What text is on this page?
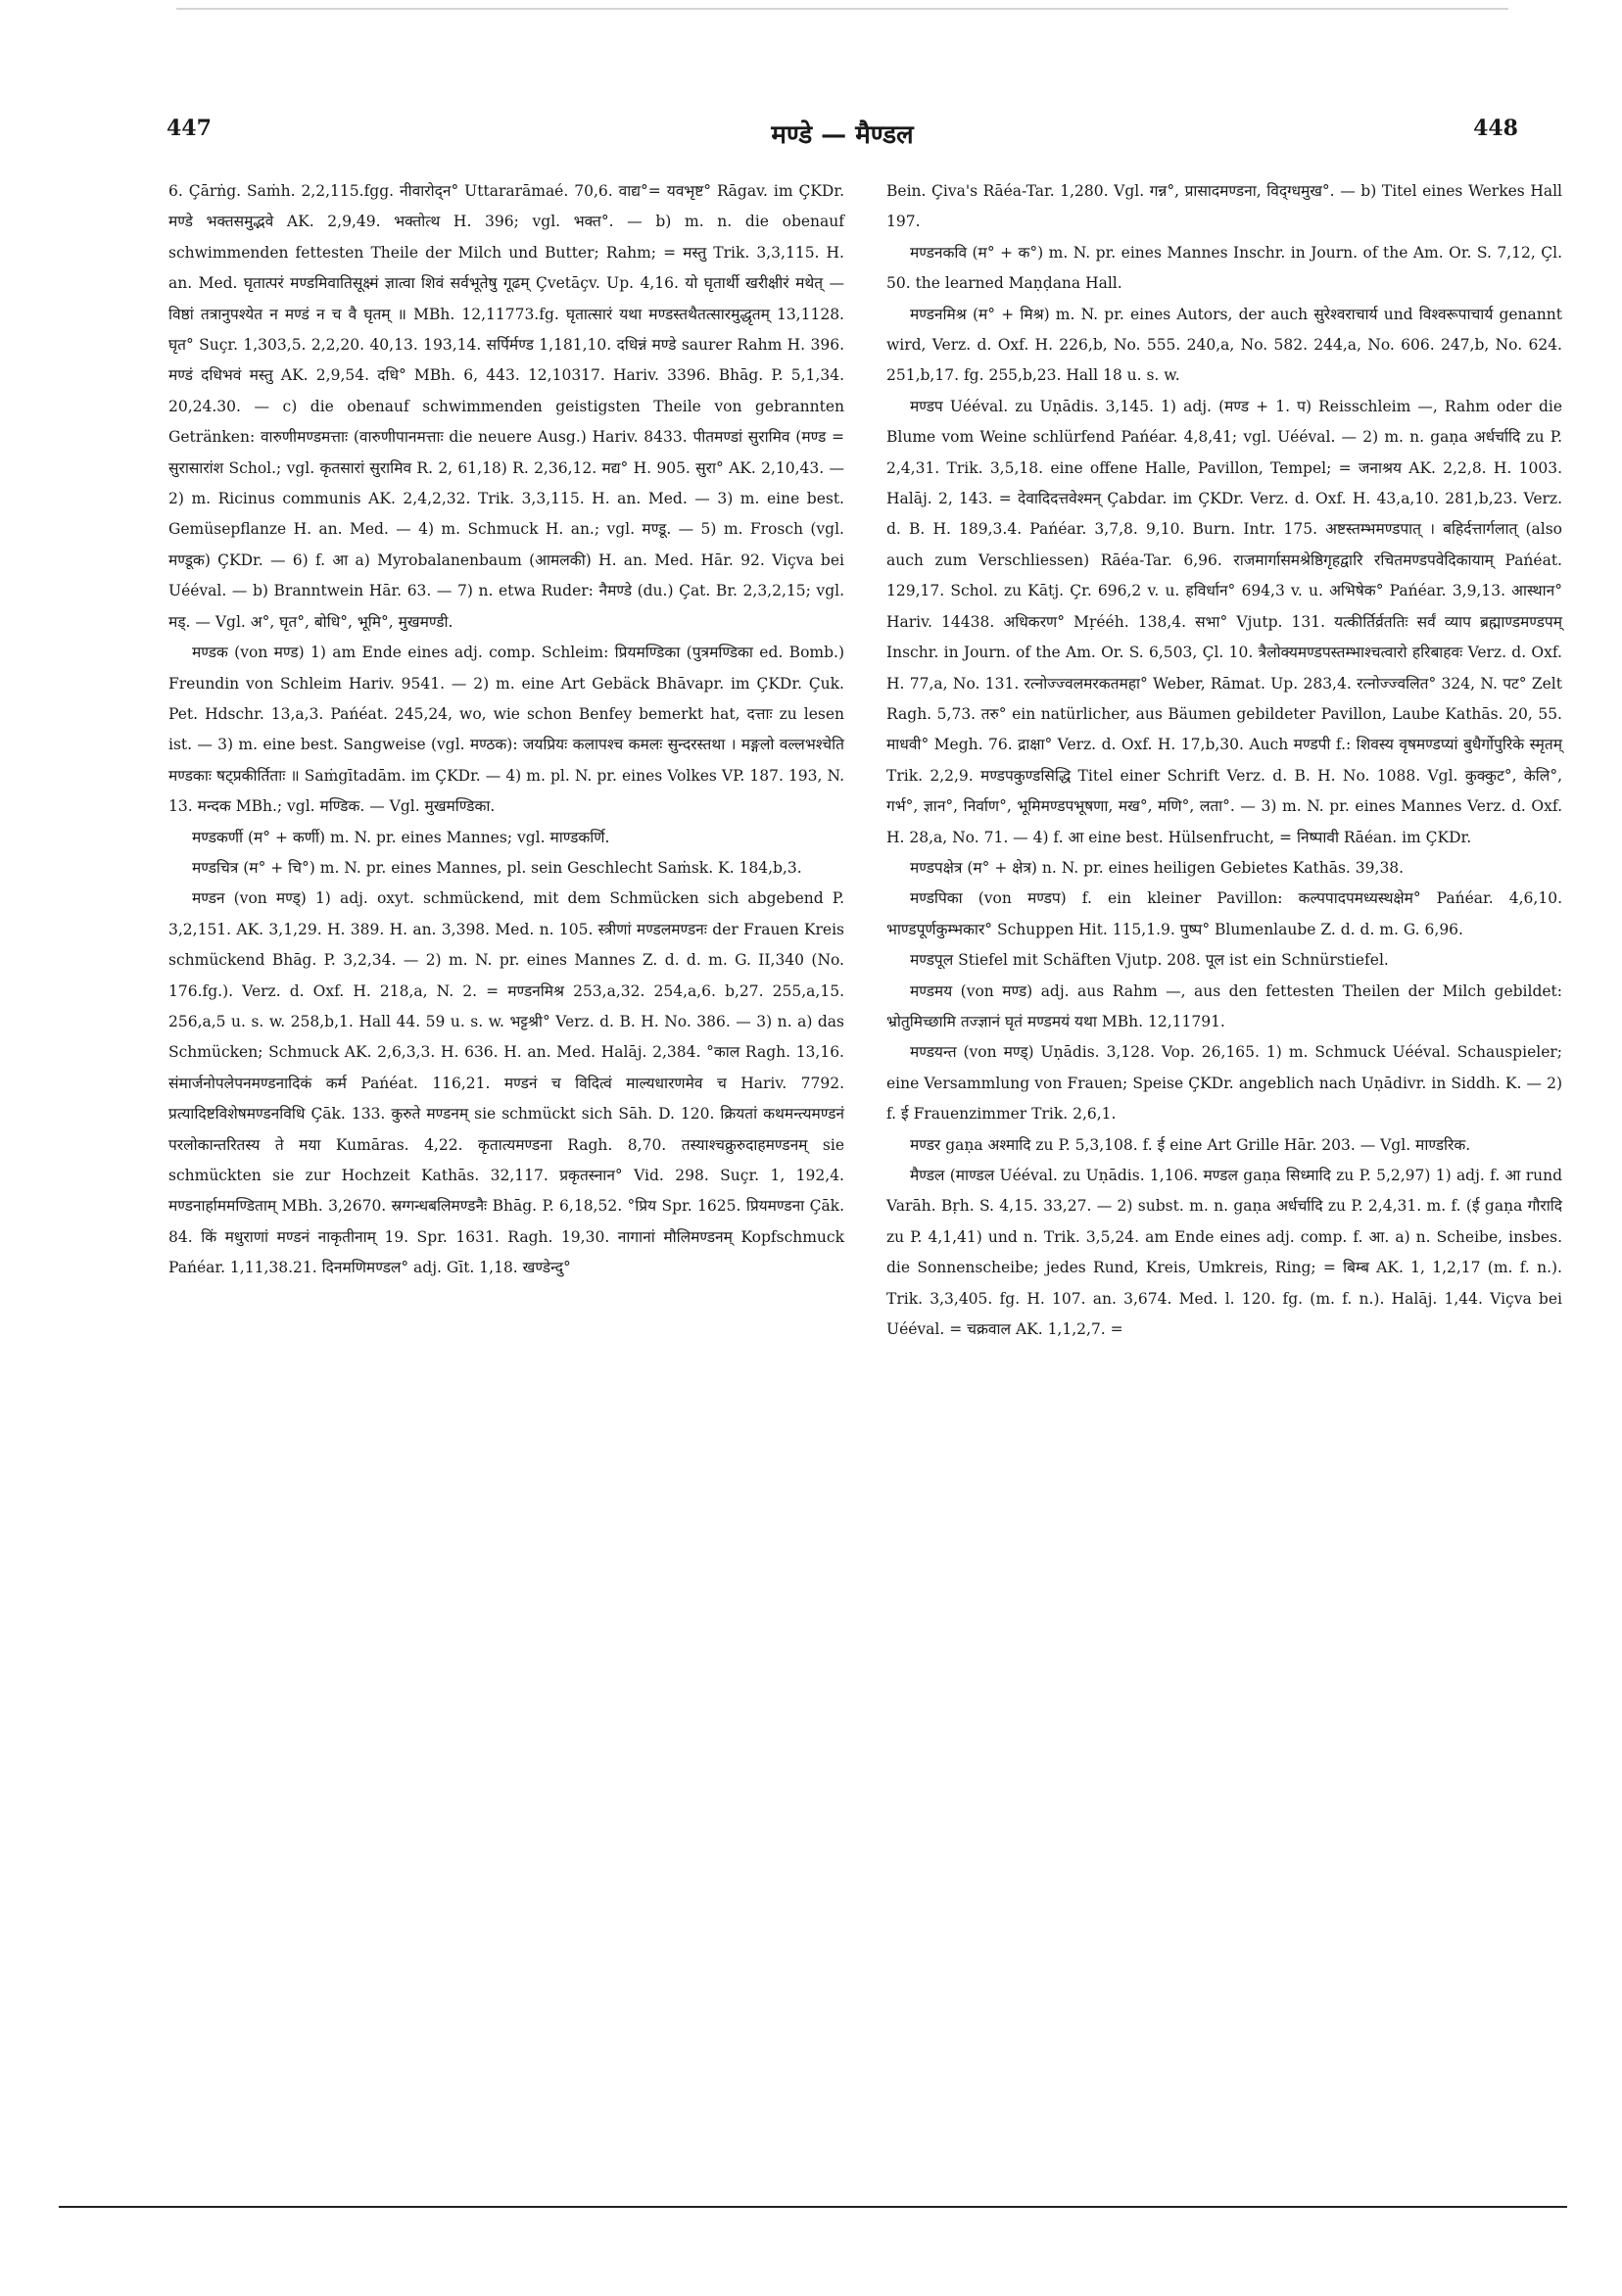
447	मण्डे — मैण्डल	448

6. Çārṅg. Saṁh. 2,2,115.fgg. नीवारोद्न° Uttararāmaé. 70,6. वाद्य°= यवभृष्ट° Rāgav. im ÇKDr. मण्डे भक्तसमुद्भवे AK. 2,9,49. भक्तोत्थ H. 396; vgl. भक्त°. — b) m. n. die obenauf schwimmenden fettesten Theile der Milch und Butter; Rahm; = मस्तु Trik. 3,3,115. H. an. Med. घृतात्परं मण्डमिवातिसूक्ष्मं ज्ञात्वा शिवं सर्वभूतेषु गूढम् Çvetāçv. Up. 4,16. यो घृतार्थी खरीक्षीरं मथेत् — विष्ठां तत्रानुपश्येत न मण्डं न च वै घृतम् ॥ MBh. 12,11773.fg. घृतात्सारं यथा मण्डस्तथैतत्सारमुद्धृतम् 13,1128. घृत° Suçr. 1,303,5. 2,2,20. 40,13. 193,14. सर्पिर्मण्ड 1,181,10. दधिन्नं मण्डे saurer Rahm H. 396. मण्डं दधिभवं मस्तु AK. 2,9,54. दधि° MBh. 6, 443. 12,10317. Hariv. 3396. Bhāg. P. 5,1,34. 20,24.30. — c) die obenauf schwimmenden geistigsten Theile von gebrannten Getränken: वारुणीमण्डमत्ताः (वारुणीपानमत्ताः die neuere Ausg.) Hariv. 8433. पीतमण्डां सुरामिव (मण्ड = सुरासारांश Schol.; vgl. कृतसारां सुरामिव R. 2, 61,18) R. 2,36,12. मद्य° H. 905. सुरा° AK. 2,10,43. — 2) m. Ricinus communis AK. 2,4,2,32. Trik. 3,3,115. H. an. Med. — 3) m. eine best. Gemüsepflanze H. an. Med. — 4) m. Schmuck H. an.; vgl. मण्डू. — 5) m. Frosch (vgl. मण्डूक) ÇKDr. — 6) f. आ a) Myrobalanenbaum (आमलकी) H. an. Med. Hār. 92. Viçva bei Uééval. — b) Branntwein Hār. 63. — 7) n. etwa Ruder: नैमण्डे (du.) Çat. Br. 2,3,2,15; vgl. मड्. — Vgl. अ°, घृत°, बोधि°, भूमि°, मुखमण्डी.

मण्डक (von मण्ड) 1) am Ende eines adj. comp. Schleim: प्रियमण्डिका (पुत्रमण्डिका ed. Bomb.) Freundin von Schleim Hariv. 9541. — 2) m. eine Art Gebäck Bhāvapr. im ÇKDr. Çuk. Pet. Hdschr. 13,a,3. Pańéat. 245,24, wo, wie schon Benfey bemerkt hat, दत्ताः zu lesen ist. — 3) m. eine best. Sangweise (vgl. मण्ठक): जयप्रियः कलापश्च कमलः सुन्दरस्तथा । मङ्गलो वल्लभश्चेति मण्डकाः षट्प्रकीर्तिताः ॥ Saṁgītadām. im ÇKDr. — 4) m. pl. N. pr. eines Volkes VP. 187. 193, N. 13. मन्दक MBh.; vgl. मण्डिक. — Vgl. मुखमण्डिका.

मण्डकर्णी (म° + कर्णी) m. N. pr. eines Mannes; vgl. माण्डकर्णि.

मण्डचित्र (म° + चि°) m. N. pr. eines Mannes, pl. sein Geschlecht Saṁsk. K. 184,b,3.

मण्डन (von मण्ड्) 1) adj. oxyt. schmückend, mit dem Schmücken sich abgebend P. 3,2,151. AK. 3,1,29. H. 389. H. an. 3,398. Med. n. 105. स्त्रीणां मण्डलमण्डनः der Frauen Kreis schmückend Bhāg. P. 3,2,34. — 2) m. N. pr. eines Mannes Z. d. d. m. G. II,340 (No. 176.fg.). Verz. d. Oxf. H. 218,a, N. 2. = मण्डनमिश्र 253,a,32. 254,a,6. b,27. 255,a,15. 256,a,5 u. s. w. 258,b,1. Hall 44. 59 u. s. w. भट्टश्री° Verz. d. B. H. No. 386. — 3) n. a) das Schmücken; Schmuck AK. 2,6,3,3. H. 636. H. an. Med. Halāj. 2,384. °काल Ragh. 13,16. संमार्जनोपलेपनमण्डनादिकं कर्म Pańéat. 116,21. मण्डनं च विदित्वं माल्यधारणमेव च Hariv. 7792. प्रत्यादिष्टविशेषमण्डनविधि Çāk. 133. कुरुते मण्डनम् sie schmückt sich Sāh. D. 120. क्रियतां कथमन्त्यमण्डनं परलोकान्तरितस्य ते मया Kumāras. 4,22. कृतात्यमण्डना Ragh. 8,70. तस्याश्चक्रुरुदाहमण्डनम् sie schmückten sie zur Hochzeit Kathās. 32,117. प्रकृतस्नान° Vid. 298. Suçr. 1, 192,4. मण्डनार्हाममण्डिताम् MBh. 3,2670. स्रग्गन्धबलिमण्डनैः Bhāg. P. 6,18,52. °प्रिय Spr. 1625. प्रियमण्डना Çāk. 84. किं मधुराणां मण्डनं नाकृतीनाम् 19. Spr. 1631. Ragh. 19,30. नागानां मौलिमण्डनम् Kopfschmuck Pańéar. 1,11,38.21. दिनमणिमण्डल° adj. Gīt. 1,18. खण्डेन्दु°

Bein. Çiva's Rāéa-Tar. 1,280. Vgl. गन्न°, प्रासादमण्डना, विद्ग्धमुख°. — b) Titel eines Werkes Hall 197.

मण्डनकवि (म° + क°) m. N. pr. eines Mannes Inschr. in Journ. of the Am. Or. S. 7,12, Çl. 50. the learned Maṇḍana Hall.

मण्डनमिश्र (म° + मिश्र) m. N. pr. eines Autors, der auch सुरेश्वराचार्य und विश्वरूपाचार्य genannt wird, Verz. d. Oxf. H. 226,b, No. 555. 240,a, No. 582. 244,a, No. 606. 247,b, No. 624. 251,b,17. fg. 255,b,23. Hall 18 u. s. w.

मण्डप Uééval. zu Uṇādis. 3,145. 1) adj. (मण्ड + 1. प) Reisschleim —, Rahm oder die Blume vom Weine schlürfend Pańéar. 4,8,41; vgl. Uééval. — 2) m. n. gaṇa अर्धर्चादि zu P. 2,4,31. Trik. 3,5,18. eine offene Halle, Pavillon, Tempel; = जनाश्रय AK. 2,2,8. H. 1003. Halāj. 2, 143. = देवादिदत्तवेश्मन् Çabdar. im ÇKDr. Verz. d. Oxf. H. 43,a,10. 281,b,23. Verz. d. B. H. 189,3.4. Pańéar. 3,7,8. 9,10. Burn. Intr. 175. अष्टस्तम्भमण्डपात् । बहिर्दत्तार्गलात् (also auch zum Verschliessen) Rāéa-Tar. 6,96. राजमार्गासमश्रेष्ठिगृहद्वारि रचितमण्डपवेदिकायाम् Pańéat. 129,17. Schol. zu Kātj. Çr. 696,2 v. u. हविर्धान° 694,3 v. u. अभिषेक° Pańéar. 3,9,13. आस्थान° Hariv. 14438. अधिकरण° Mṛééh. 138,4. सभा° Vjutp. 131. यत्कीर्तिर्व्रततिः सर्वं व्याप ब्रह्माण्डमण्डपम् Inschr. in Journ. of the Am. Or. S. 6,503, Çl. 10. त्रैलोक्यमण्डपस्तम्भाश्चत्वारो हरिबाहवः Verz. d. Oxf. H. 77,a, No. 131. रत्नोज्ज्वलमरकतमहा° Weber, Rāmat. Up. 283,4. रत्नोज्ज्वलित° 324, N. पट° Zelt Ragh. 5,73. तरु° ein natürlicher, aus Bäumen gebildeter Pavillon, Laube Kathās. 20, 55. माधवी° Megh. 76. द्राक्षा° Verz. d. Oxf. H. 17,b,30. Auch मण्डपी f.: शिवस्य वृषमण्डप्यां बुधैर्गोपुरिके स्मृतम् Trik. 2,2,9. मण्डपकुण्डसिद्धि Titel einer Schrift Verz. d. B. H. No. 1088. Vgl. कुक्कुट°, केलि°, गर्भ°, ज्ञान°, निर्वाण°, भूमिमण्डपभूषणा, मख°, मणि°, लता°. — 3) m. N. pr. eines Mannes Verz. d. Oxf. H. 28,a, No. 71. — 4) f. आ eine best. Hülsenfrucht, = निष्पावी Rāéan. im ÇKDr.

मण्डपक्षेत्र (म° + क्षेत्र) n. N. pr. eines heiligen Gebietes Kathās. 39,38.

मण्डपिका (von मण्डप) f. ein kleiner Pavillon: कल्पपादपमध्यस्थक्षेम° Pańéar. 4,6,10. भाण्डपूर्णकुम्भकार° Schuppen Hit. 115,1.9. पुष्प° Blumenlaube Z. d. d. m. G. 6,96.

मण्डपूल Stiefel mit Schäften Vjutp. 208. पूल ist ein Schnürstiefel.

मण्डमय (von मण्ड) adj. aus Rahm —, aus den fettesten Theilen der Milch gebildet: भ्रोतुमिच्छामि तज्ज्ञानं घृतं मण्डमयं यथा MBh. 12,11791.

मण्डयन्त (von मण्ड्) Uṇādis. 3,128. Vop. 26,165. 1) m. Schmuck Uééval. Schauspieler; eine Versammlung von Frauen; Speise ÇKDr. angeblich nach Uṇādivr. in Siddh. K. — 2) f. ई Frauenzimmer Trik. 2,6,1.

मण्डर gaṇa अश्मादि zu P. 5,3,108. f. ई eine Art Grille Hār. 203. — Vgl. माण्डरिक.

मैण्डल (माण्डल Uééval. zu Uṇādis. 1,106. मण्डल gaṇa सिध्मादि zu P. 5,2,97) 1) adj. f. आ rund Varāh. Bṛh. S. 4,15. 33,27. — 2) subst. m. n. gaṇa अर्धर्चादि zu P. 2,4,31. m. f. (ई gaṇa गौरादि zu P. 4,1,41) und n. Trik. 3,5,24. am Ende eines adj. comp. f. आ. a) n. Scheibe, insbes. die Sonnenscheibe; jedes Rund, Kreis, Umkreis, Ring; = बिम्ब AK. 1, 1,2,17 (m. f. n.). Trik. 3,3,405. fg. H. 107. an. 3,674. Med. l. 120. fg. (m. f. n.). Halāj. 1,44. Viçva bei Uééval. = चक्रवाल AK. 1,1,2,7. =
